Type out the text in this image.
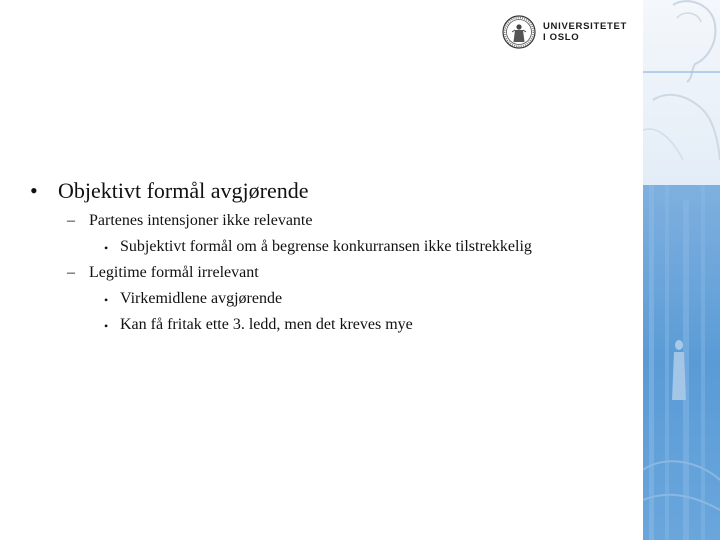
UNIVERSITETET
I OSLO
• Objektivt formål avgjørende
– Partenes intensjoner ikke relevante
• Subjektivt formål om å begrense konkurransen ikke tilstrekkelig
– Legitime formål irrelevant
• Virkemidlene avgjørende
• Kan få fritak ette 3. ledd, men det kreves mye
